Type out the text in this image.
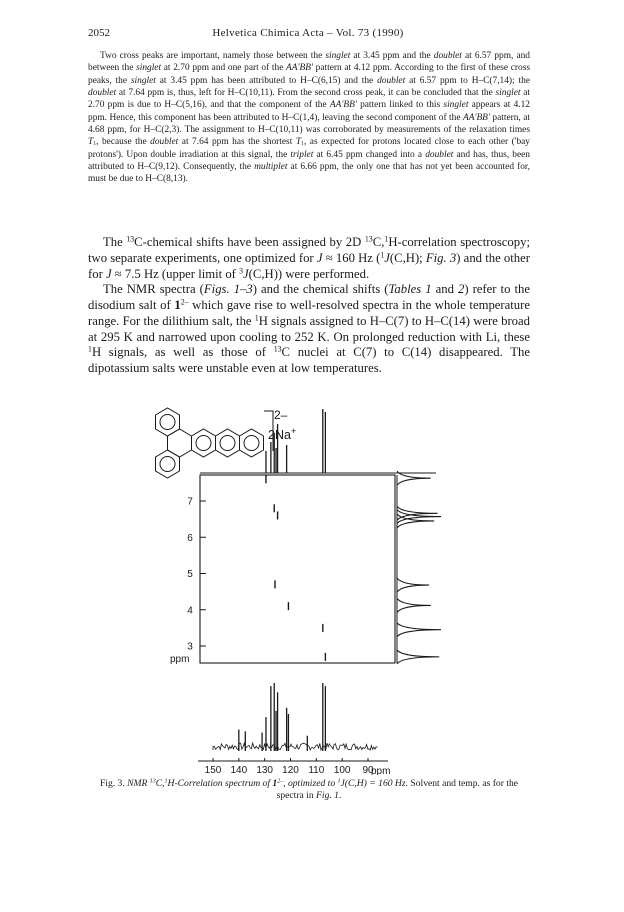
2052	Helvetica Chimica Acta – Vol. 73 (1990)

Two cross peaks are important, namely those between the singlet at 3.45 ppm and the doublet at 6.57 ppm, and between the singlet at 2.70 ppm and one part of the AA'BB' pattern at 4.12 ppm. According to the first of these cross peaks, the singlet at 3.45 ppm has been attributed to H–C(6,15) and the doublet at 6.57 ppm to H–C(7,14); the doublet at 7.64 ppm is, thus, left for H–C(10,11). From the second cross peak, it can be concluded that the singlet at 2.70 ppm is due to H–C(5,16), and that the component of the AA'BB' pattern linked to this singlet appears at 4.12 ppm. Hence, this component has been attributed to H–C(1,4), leaving the second component of the AA'BB' pattern, at 4.68 ppm, for H–C(2,3). The assignment to H–C(10,11) was corroborated by measurements of the relaxation times $T_1$, because the doublet at 7.64 ppm has the shortest $T_1$, as expected for protons located close to each other ('bay protons'). Upon double irradiation at this signal, the triplet at 6.45 ppm changed into a doublet and has, thus, been attributed to H–C(9,12). Consequently, the multiplet at 6.66 ppm, the only one that has not yet been accounted for, must be due to H–C(8,13).

The $^{13}$C-chemical shifts have been assigned by 2D $^{13}$C,$^1$H-correlation spectroscopy; two separate experiments, one optimized for J ≈ 160 Hz ($^1$J(C,H); Fig. 3) and the other for J ≈ 7.5 Hz (upper limit of $^3$J(C,H)) were performed.

The NMR spectra (Figs. 1–3) and the chemical shifts (Tables 1 and 2) refer to the disodium salt of $1^{2-}$ which gave rise to well-resolved spectra in the whole temperature range. For the dilithium salt, the $^1$H signals assigned to H–C(7) to H–C(14) were broad at 295 K and narrowed upon cooling to 252 K. On prolonged reduction with Li, these $^1$H signals, as well as those of $^{13}$C nuclei at C(7) to C(14) disappeared. The dipotassium salts were unstable even at low temperatures.

2–
2Na+
7
6
5
4
3
ppm
150 140 130 120 110 100 90
ppm
Fig. 3. NMR $^{13}$C,$^1$H-Correlation spectrum of $1^{2-}$, optimized to $^1$J(C,H) = 160 Hz. Solvent and temp. as for the spectra in Fig. 1.
